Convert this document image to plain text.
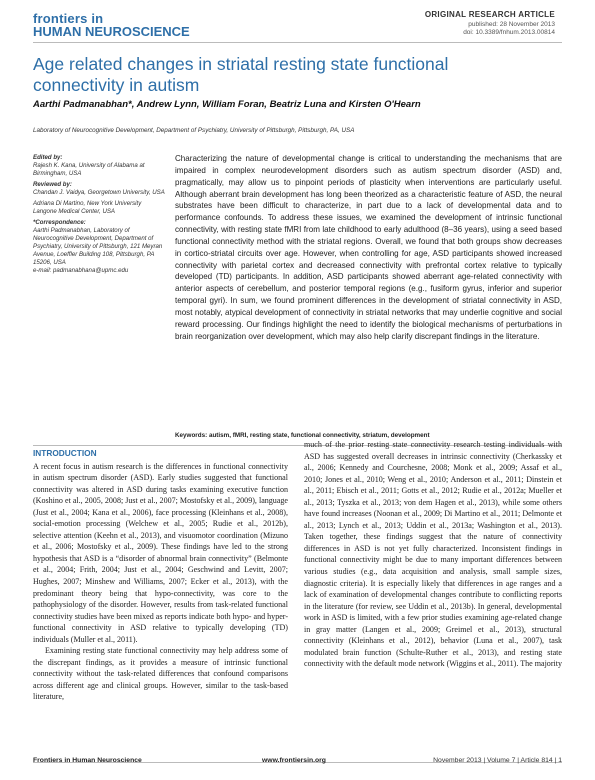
frontiers in
HUMAN NEUROSCIENCE
ORIGINAL RESEARCH ARTICLE
published: 28 November 2013
doi: 10.3389/fnhum.2013.00814
Age related changes in striatal resting state functional connectivity in autism
Aarthi Padmanabhan*, Andrew Lynn, William Foran, Beatriz Luna and Kirsten O'Hearn
Laboratory of Neurocognitive Development, Department of Psychiatry, University of Pittsburgh, Pittsburgh, PA, USA
Edited by:

Rajesh K. Kana, University of Alabama at Birmingham, USA

Reviewed by:

Chandan J. Vaidya, Georgetown University, USA

Adriana Di Martino, New York University Langone Medical Center, USA

*Correspondence:

Aarthi Padmanabhan, Laboratory of Neurocognitive Development, Department of Psychiatry, University of Pittsburgh, 121 Meyran Avenue, Loeffler Building 108, Pittsburgh, PA 15206, USA

e-mail: padmanabhana@upmc.edu

Characterizing the nature of developmental change is critical to understanding the mechanisms that are impaired in complex neurodevelopment disorders such as autism spectrum disorder (ASD) and, pragmatically, may allow us to pinpoint periods of plasticity when interventions are particularly useful. Although aberrant brain development has long been theorized as a characteristic feature of ASD, the neural substrates have been difficult to characterize, in part due to a lack of developmental data and to performance confounds. To address these issues, we examined the development of intrinsic functional connectivity, with resting state fMRI from late childhood to early adulthood (8–36 years), using a seed based functional connectivity method with the striatal regions. Overall, we found that both groups show decreases in cortico-striatal circuits over age. However, when controlling for age, ASD participants showed increased connectivity with parietal cortex and decreased connectivity with prefrontal cortex relative to typically developed (TD) participants. In addition, ASD participants showed aberrant age-related connectivity with anterior aspects of cerebellum, and posterior temporal regions (e.g., fusiform gyrus, inferior and superior temporal gyri). In sum, we found prominent differences in the development of striatal connectivity in ASD, most notably, atypical development of connectivity in striatal networks that may underlie cognitive and social reward processing. Our findings highlight the need to identify the biological mechanisms of perturbations in brain reorganization over development, which may also help clarify discrepant findings in the literature.
Keywords: autism, fMRI, resting state, functional connectivity, striatum, development
INTRODUCTION

A recent focus in autism research is the differences in functional connectivity in autism spectrum disorder (ASD). Early studies suggested that functional connectivity was altered in ASD during tasks examining executive function (Koshino et al., 2005, 2008; Just et al., 2007; Mostofsky et al., 2009), language (Just et al., 2004; Kana et al., 2006), face processing (Kleinhans et al., 2008), social-emotion processing (Welchew et al., 2005; Rudie et al., 2012b), selective attention (Keehn et al., 2013), and visuomotor coordination (Mizuno et al., 2006; Mostofsky et al., 2009). These findings have led to the strong hypothesis that ASD is a “disorder of abnormal brain connectivity” (Belmonte et al., 2004; Frith, 2004; Just et al., 2004; Geschwind and Levitt, 2007; Hughes, 2007; Minshew and Williams, 2007; Ecker et al., 2013), with the predominant theory being that hypo-connectivity, was core to the pathophysiology of the disorder. However, results from task-related functional connectivity studies have been mixed as reports indicate both hypo- and hyper- functional connectivity in ASD relative to typically developing (TD) individuals (Muller et al., 2011).

Examining resting state functional connectivity may help address some of the discrepant findings, as it provides a measure of intrinsic functional connectivity without the task-related differences that confound comparisons across different age and clinical groups. However, similar to the task-based literature,

much of the prior resting state connectivity research testing individuals with ASD has suggested overall decreases in intrinsic connectivity (Cherkassky et al., 2006; Kennedy and Courchesne, 2008; Monk et al., 2009; Assaf et al., 2010; Jones et al., 2010; Weng et al., 2010; Anderson et al., 2011; Dinstein et al., 2011; Ebisch et al., 2011; Gotts et al., 2012; Rudie et al., 2012a; Mueller et al., 2013; Tyszka et al., 2013; von dem Hagen et al., 2013), while some others have found increases (Noonan et al., 2009; Di Martino et al., 2011; Delmonte et al., 2013; Lynch et al., 2013; Uddin et al., 2013a; Washington et al., 2013). Taken together, these findings suggest that the nature of connectivity differences in ASD is not yet fully characterized. Inconsistent findings in functional connectivity might be due to many important differences between various studies (e.g., data acquisition and analysis, small sample sizes, diagnostic criteria). It is especially likely that differences in age ranges and a lack of examination of developmental changes contribute to conflicting reports in the literature (for review, see Uddin et al., 2013b). In general, developmental work in ASD is limited, with a few prior studies examining age-related change in gray matter (Langen et al., 2009; Greimel et al., 2013), structural connectivity (Kleinhans et al., 2012), behavior (Luna et al., 2007), task modulated brain function (Schulte-Ruther et al., 2013), and resting state connectivity with the default mode network (Wiggins et al., 2011). The majority

Frontiers in Human Neuroscience	www.frontiersin.org	November 2013 | Volume 7 | Article 814 | 1
